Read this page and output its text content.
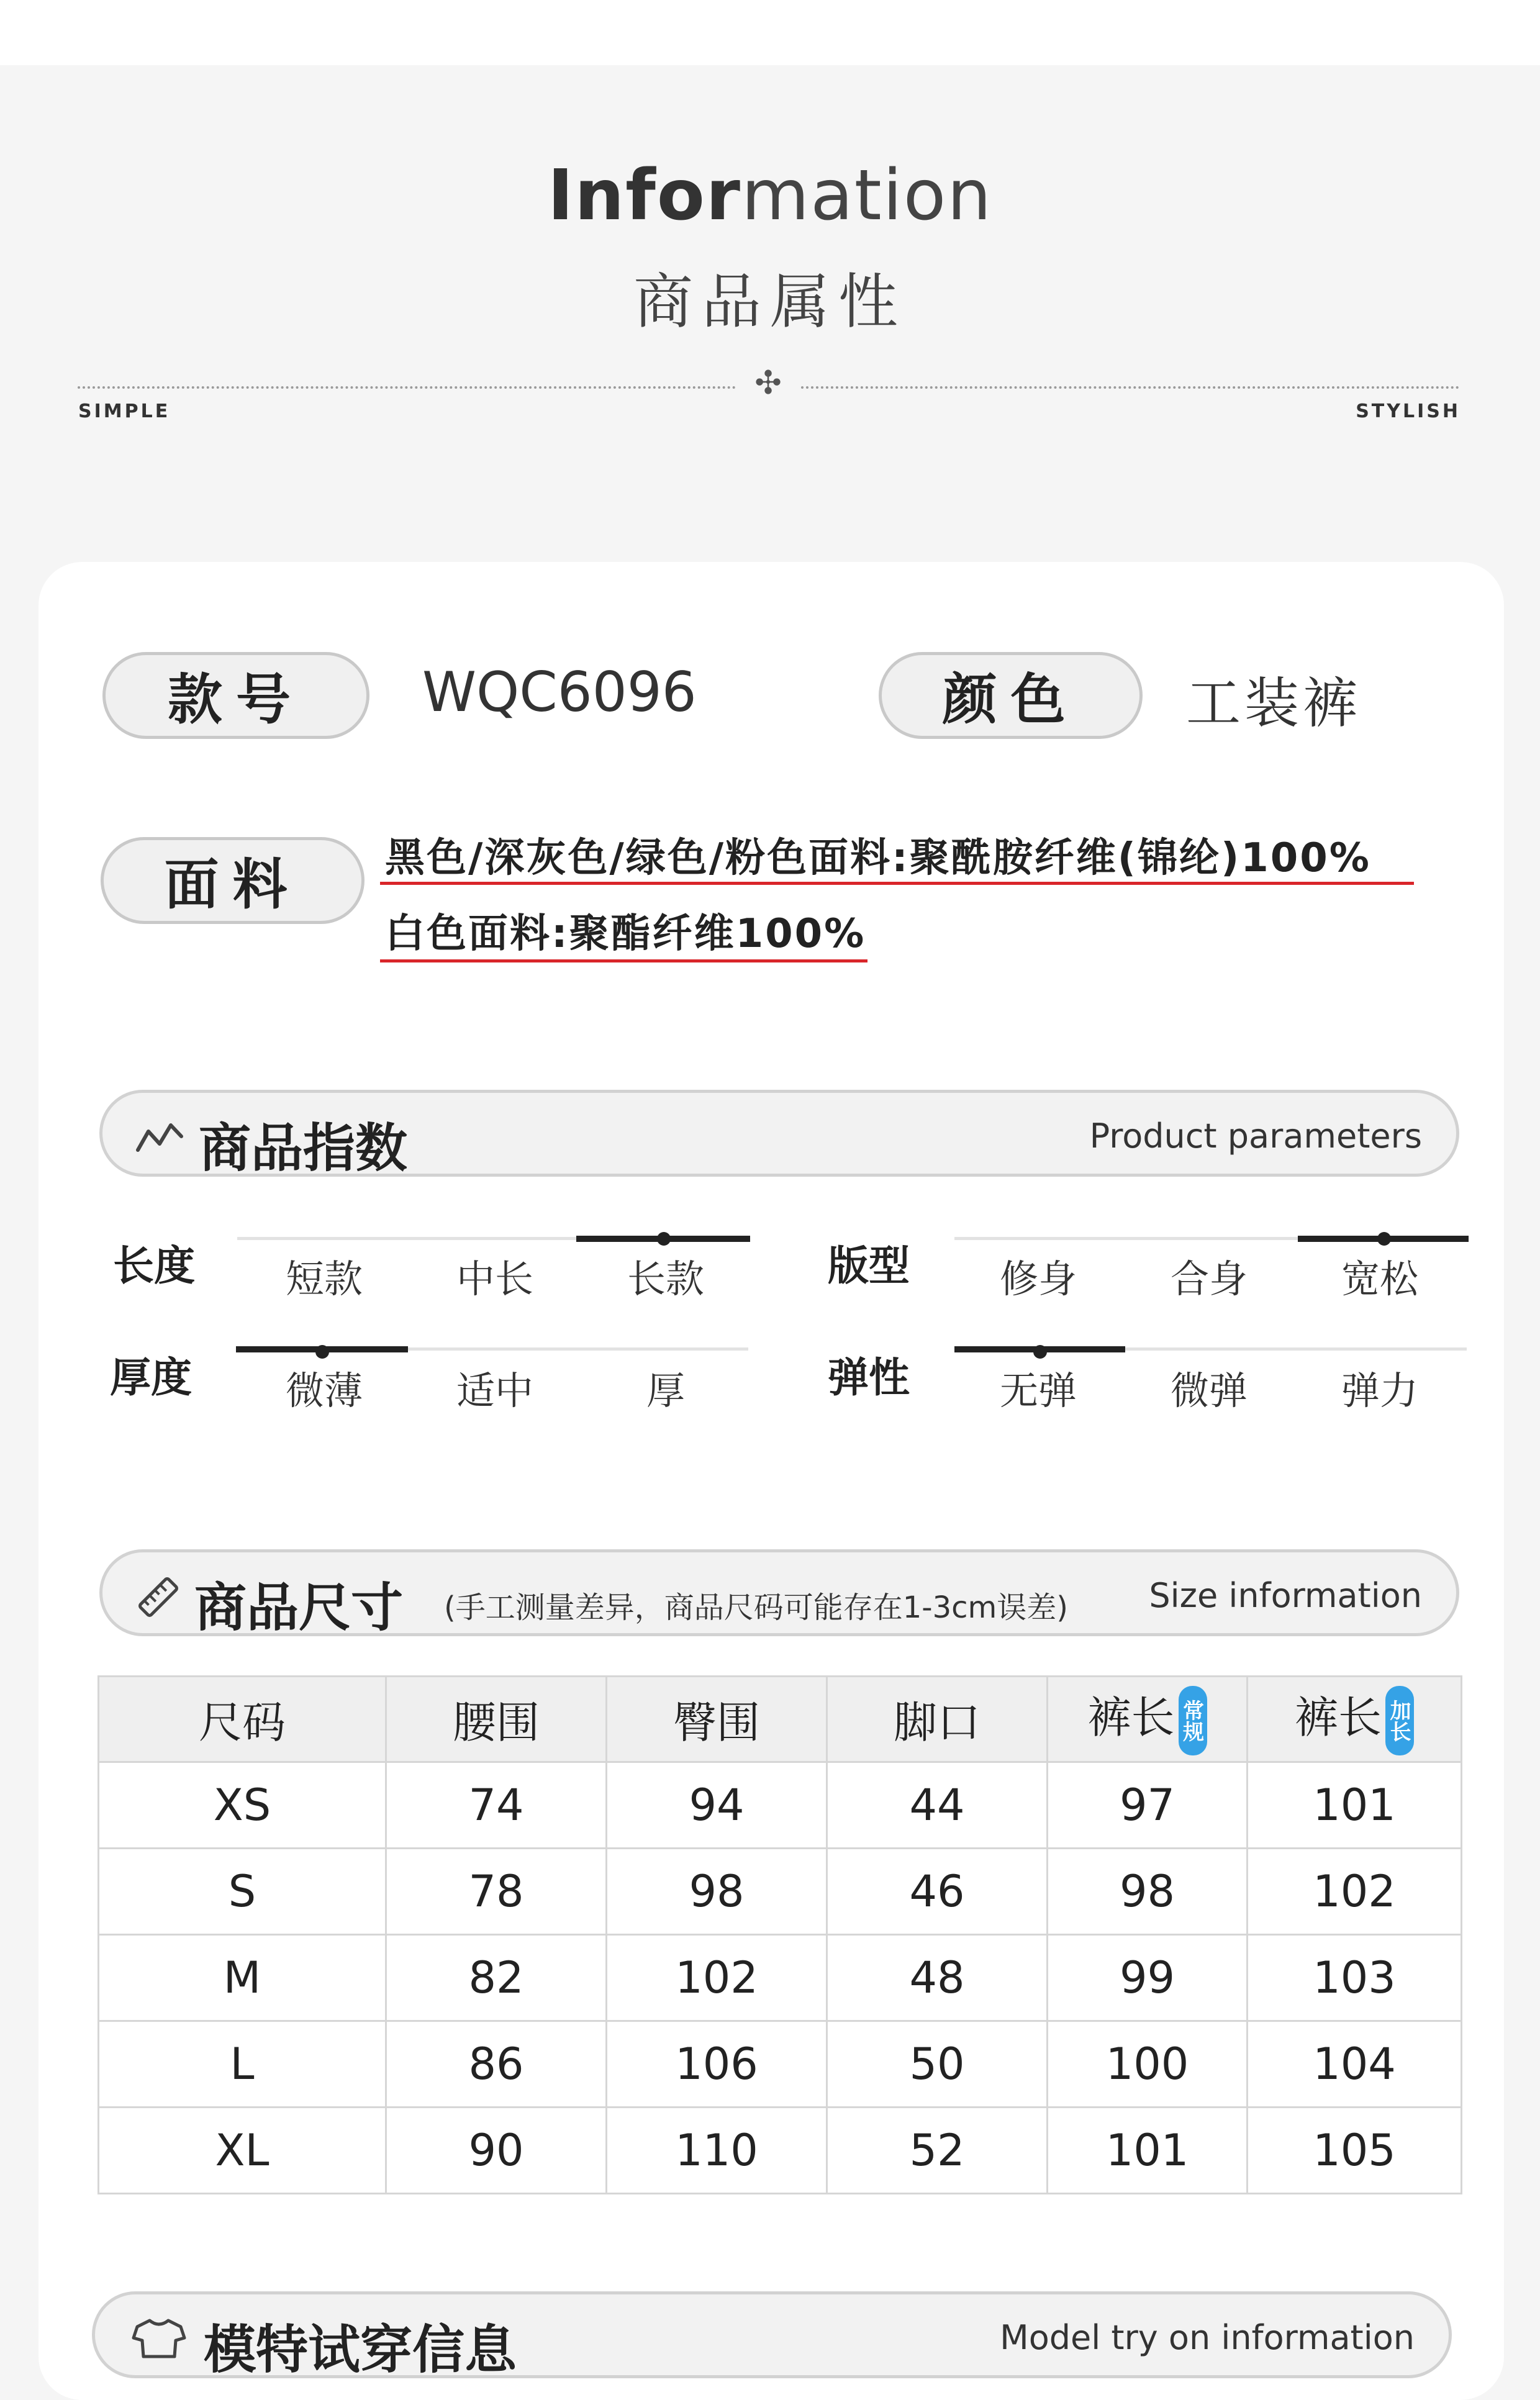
Information
商品属性
✣
SIMPLE	STYLISH
款号	WQC6096	颜色	工装裤
面料	黑色/深灰色/绿色/粉色面料:聚酰胺纤维(锦纶)100%
白色面料:聚酯纤维100%
商品指数	Product parameters
长度	短款	中长	长款	版型	修身	合身	宽松
厚度	微薄	适中	厚	弹性	无弹	微弹	弹力
商品尺寸 (手工测量差异，商品尺码可能存在1-3cm误差) Size information
尺码	腰围	臀围	脚口	裤长 常规	裤长 加长
XS	74	94	44	97	101
S	78	98	46	98	102
M	82	102	48	99	103
L	86	106	50	100	104
XL	90	110	52	101	105
模特试穿信息	Model try on information
